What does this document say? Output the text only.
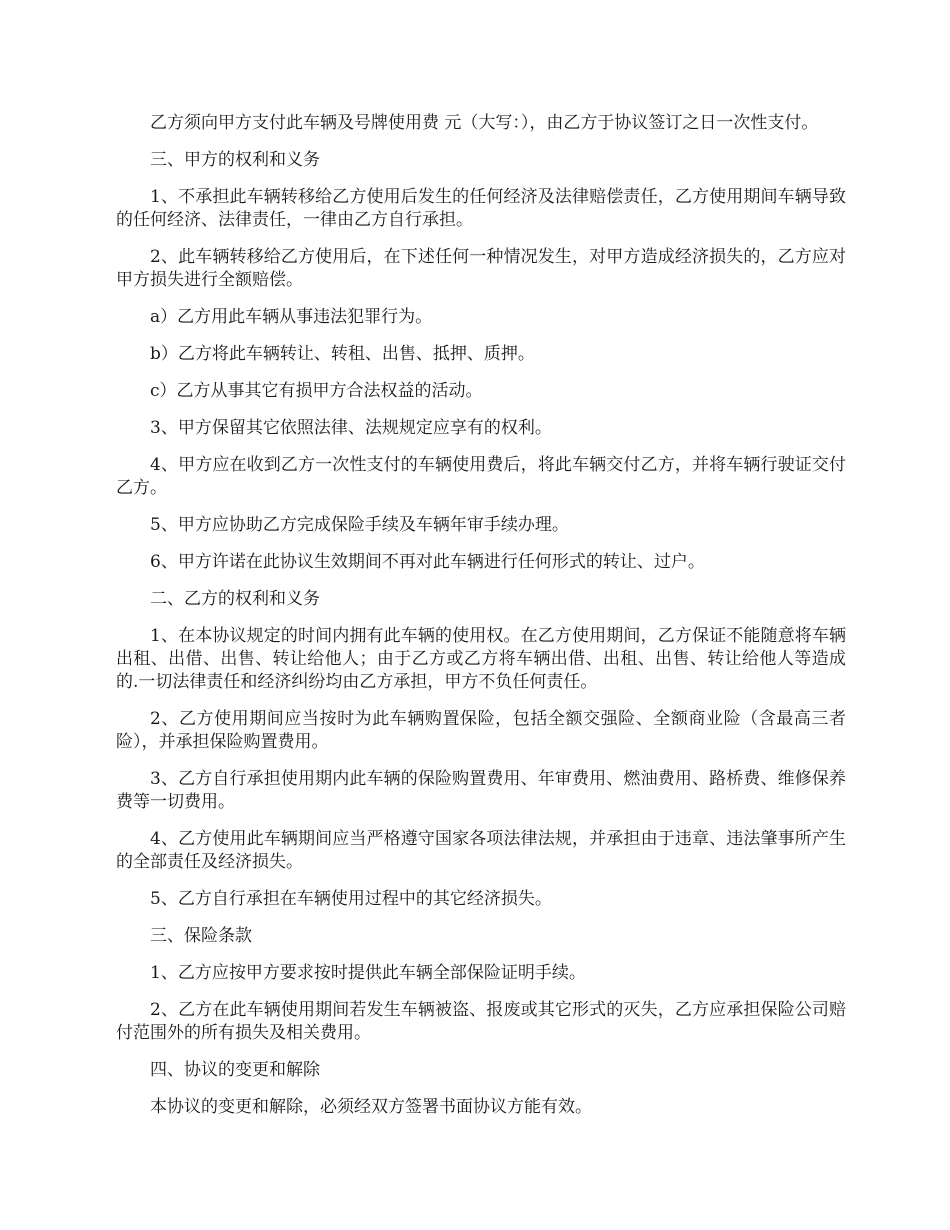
乙方须向甲方支付此车辆及号牌使用费 元（大写：），由乙方于协议签订之日一次性支付。

三、甲方的权利和义务

1、不承担此车辆转移给乙方使用后发生的任何经济及法律赔偿责任，乙方使用期间车辆导致的任何经济、法律责任，一律由乙方自行承担。

2、此车辆转移给乙方使用后，在下述任何一种情况发生，对甲方造成经济损失的，乙方应对甲方损失进行全额赔偿。

a）乙方用此车辆从事违法犯罪行为。

b）乙方将此车辆转让、转租、出售、抵押、质押。

c）乙方从事其它有损甲方合法权益的活动。

3、甲方保留其它依照法律、法规规定应享有的权利。

4、甲方应在收到乙方一次性支付的车辆使用费后，将此车辆交付乙方，并将车辆行驶证交付乙方。

5、甲方应协助乙方完成保险手续及车辆年审手续办理。

6、甲方许诺在此协议生效期间不再对此车辆进行任何形式的转让、过户。

二、乙方的权利和义务

1、在本协议规定的时间内拥有此车辆的使用权。在乙方使用期间，乙方保证不能随意将车辆出租、出借、出售、转让给他人；由于乙方或乙方将车辆出借、出租、出售、转让给他人等造成的.一切法律责任和经济纠纷均由乙方承担，甲方不负任何责任。

2、乙方使用期间应当按时为此车辆购置保险，包括全额交强险、全额商业险（含最高三者险），并承担保险购置费用。

3、乙方自行承担使用期内此车辆的保险购置费用、年审费用、燃油费用、路桥费、维修保养费等一切费用。

4、乙方使用此车辆期间应当严格遵守国家各项法律法规，并承担由于违章、违法肇事所产生的全部责任及经济损失。

5、乙方自行承担在车辆使用过程中的其它经济损失。

三、保险条款

1、乙方应按甲方要求按时提供此车辆全部保险证明手续。

2、乙方在此车辆使用期间若发生车辆被盗、报废或其它形式的灭失，乙方应承担保险公司赔付范围外的所有损失及相关费用。

四、协议的变更和解除

本协议的变更和解除，必须经双方签署书面协议方能有效。
